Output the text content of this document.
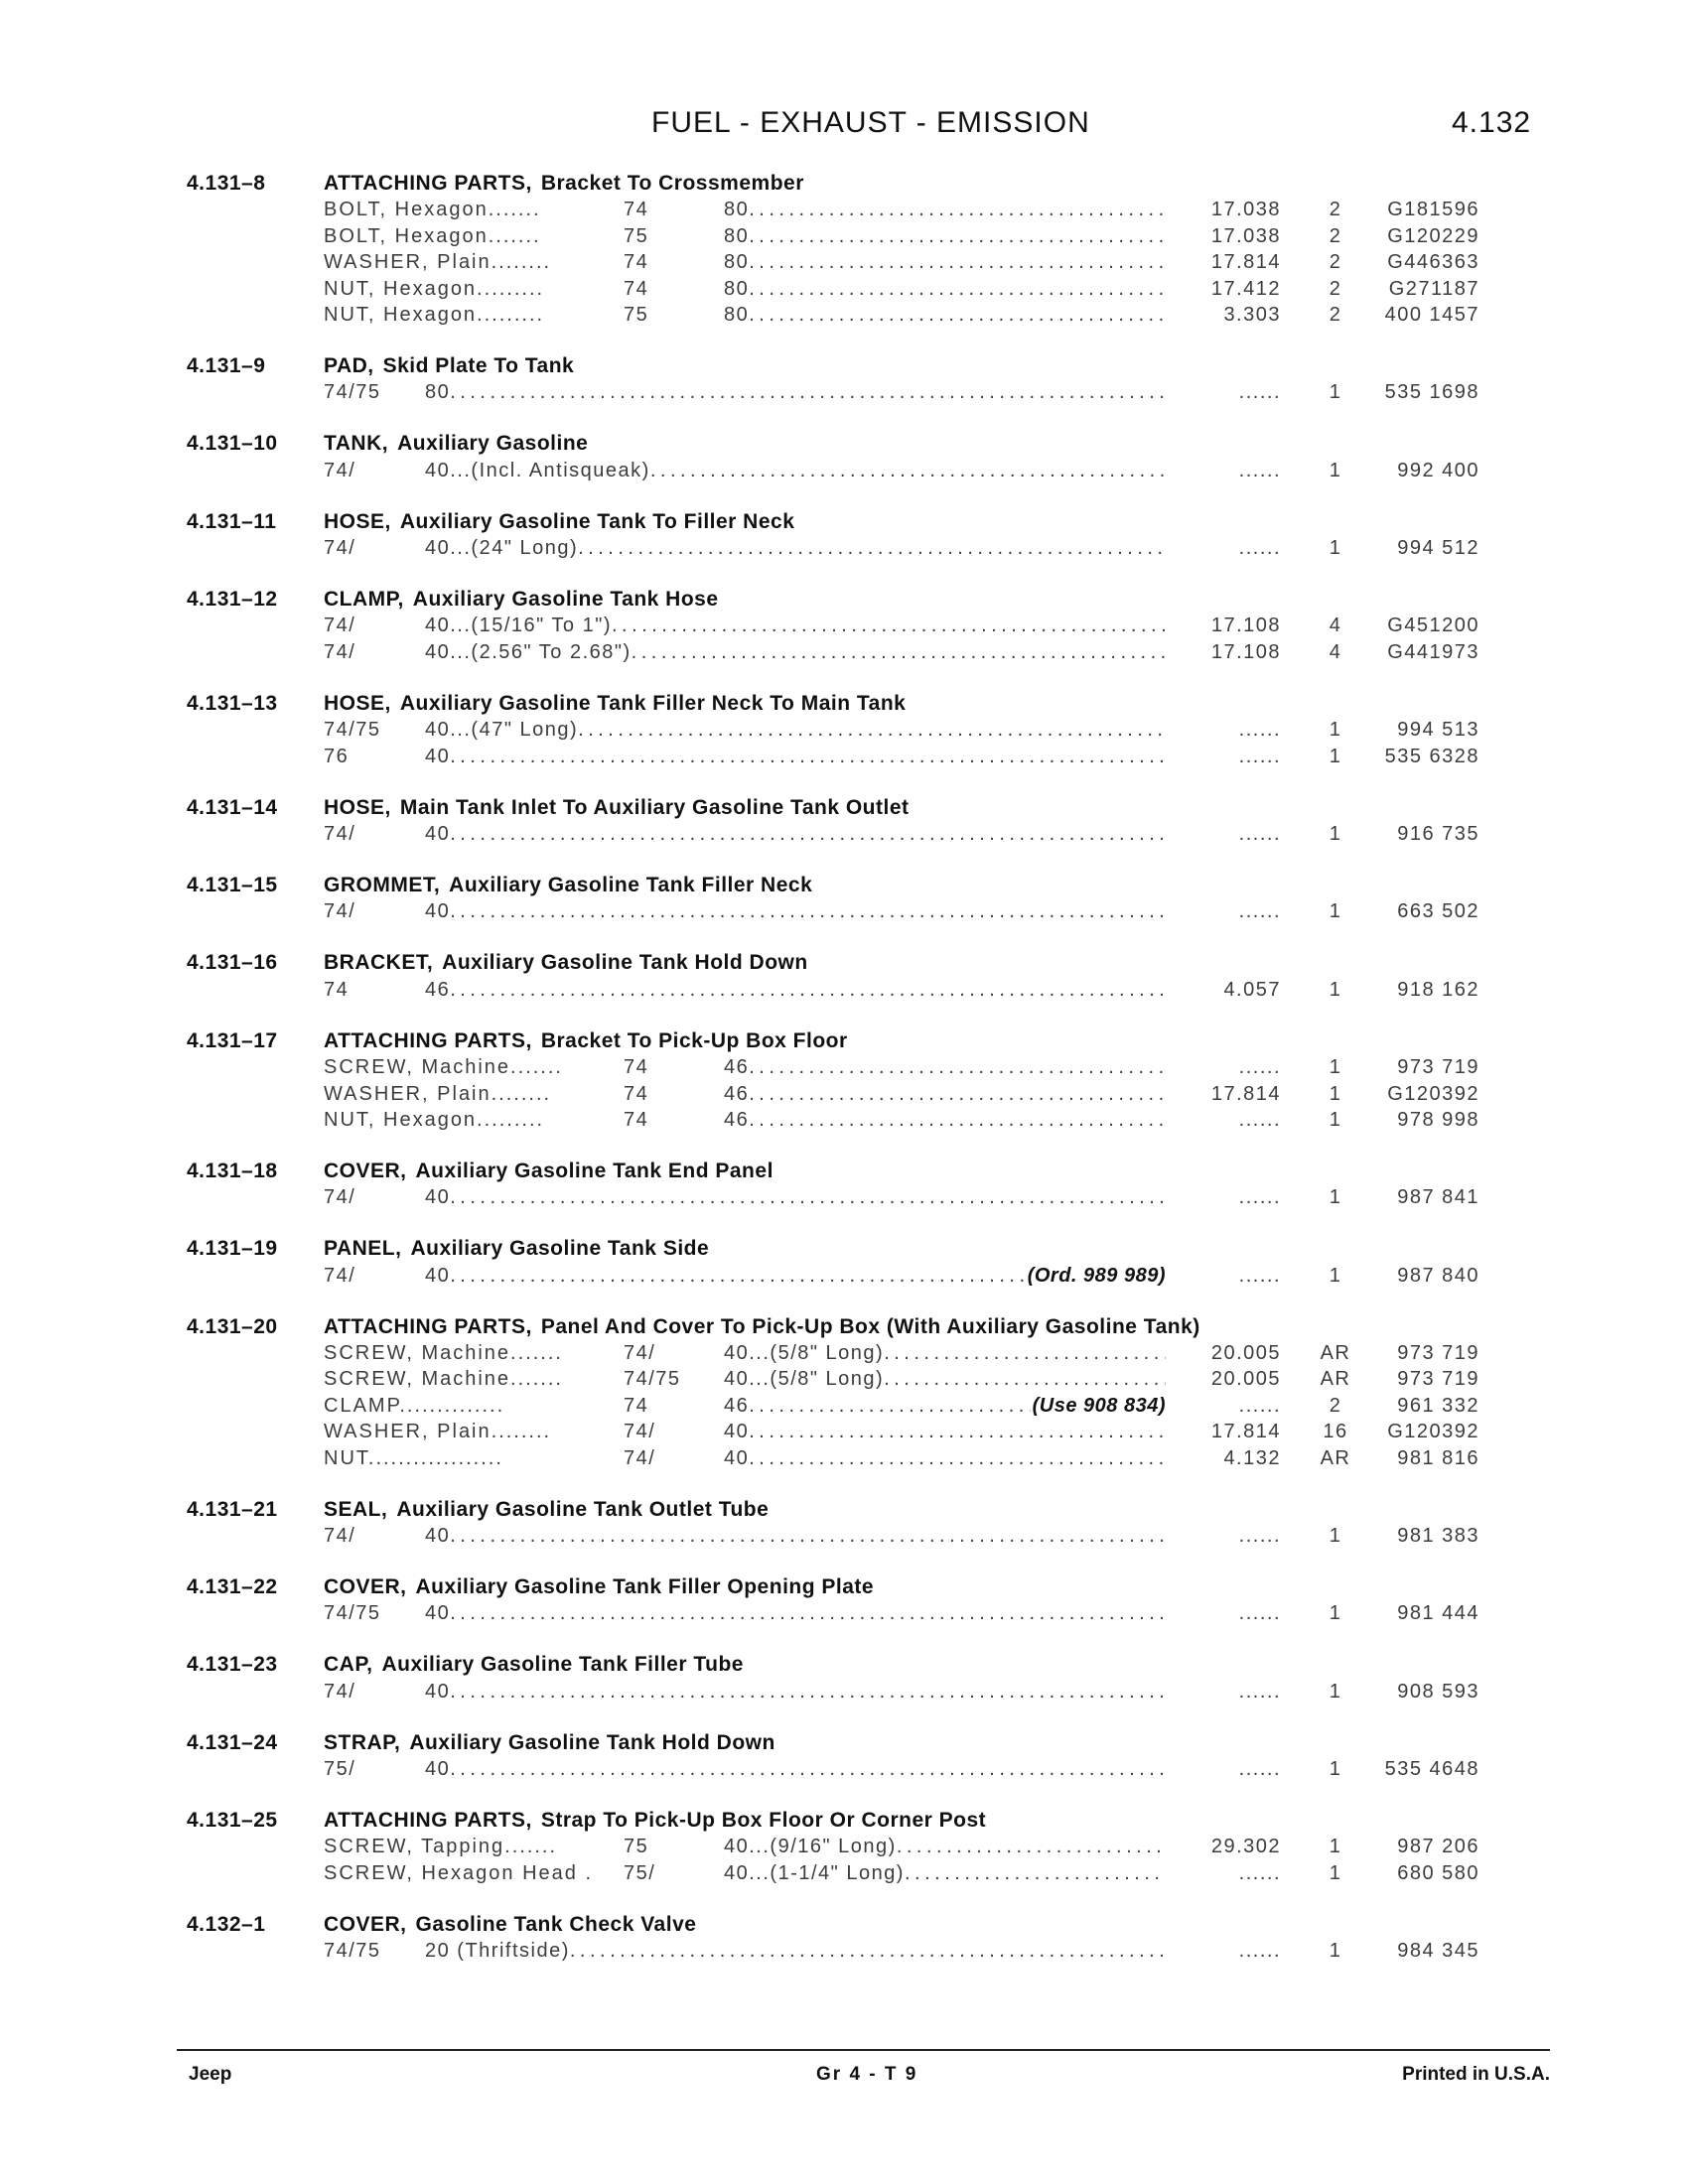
FUEL - EXHAUST - EMISSION	4.132
4.131–8	ATTACHING PARTS, Bracket To Crossmember
BOLT, Hexagon.......	74	80 .....	17.038	2	G181596
BOLT, Hexagon.......	75	80 .....	17.038	2	G120229
WASHER, Plain........	74	80 .....	17.814	2	G446363
NUT, Hexagon.........	74	80 .....	17.412	2	G271187
NUT, Hexagon.........	75	80 .....	3.303	2	400 1457
4.131–9	PAD, Skid Plate To Tank
74/75 80 .....	......	1	535 1698
4.131–10 TANK, Auxiliary Gasoline
74/	40...(Incl. Antisqueak) .....	......	1	992 400
4.131–11 HOSE, Auxiliary Gasoline Tank To Filler Neck
74/	40...(24" Long) .....	......	1	994 512
4.131–12 CLAMP, Auxiliary Gasoline Tank Hose
74/	40...(15/16" To 1") .....	17.108	4	G451200
74/	40...(2.56" To 2.68") .....	17.108	4	G441973
4.131–13 HOSE, Auxiliary Gasoline Tank Filler Neck To Main Tank
74/75 40...(47" Long) .....	......	1	994 513
76	40 .....	......	1	535 6328
4.131–14 HOSE, Main Tank Inlet To Auxiliary Gasoline Tank Outlet
74/	40 .....	......	1	916 735
4.131–15 GROMMET, Auxiliary Gasoline Tank Filler Neck
74/	40 .....	......	1	663 502
4.131–16 BRACKET, Auxiliary Gasoline Tank Hold Down
74	46 .....	4.057	1	918 162
4.131–17 ATTACHING PARTS, Bracket To Pick-Up Box Floor
SCREW, Machine.......	74	46 .....	......	1	973 719
WASHER, Plain........	74	46 .....	17.814	1	G120392
NUT, Hexagon.........	74	46 .....	......	1	978 998
4.131–18 COVER, Auxiliary Gasoline Tank End Panel
74/	40 .....	......	1	987 841
4.131–19 PANEL, Auxiliary Gasoline Tank Side
74/	40 .....	(Ord. 989 989)	......	1	987 840
4.131–20 ATTACHING PARTS, Panel And Cover To Pick-Up Box (With Auxiliary Gasoline Tank)
SCREW, Machine.......	74/	40...(5/8" Long) .....	20.005	AR	973 719
SCREW, Machine.......	74/75 40...(5/8" Long) .....	20.005	AR	973 719
CLAMP..............	74	46 .....	(Use 908 834)	......	2	961 332
WASHER, Plain........	74/	40 .....	17.814	16	G120392
NUT..................	74/	40 .....	4.132	AR	981 816
4.131–21 SEAL, Auxiliary Gasoline Tank Outlet Tube
74/	40 .....	......	1	981 383
4.131–22 COVER, Auxiliary Gasoline Tank Filler Opening Plate
74/75 40 .....	......	1	981 444
4.131–23 CAP, Auxiliary Gasoline Tank Filler Tube
74/	40 .....	......	1	908 593
4.131–24 STRAP, Auxiliary Gasoline Tank Hold Down
75/	40 .....	......	1	535 4648
4.131–25 ATTACHING PARTS, Strap To Pick-Up Box Floor Or Corner Post
SCREW, Tapping.......	75	40...(9/16" Long) .....	29.302	1	987 206
SCREW, Hexagon Head . 75/	40...(1-1/4" Long) .....	......	1	680 580
4.132–1	COVER, Gasoline Tank Check Valve
74/75 20 (Thriftside) .....	......	1	984 345
Jeep	Gr 4 - T 9	Printed in U.S.A.
